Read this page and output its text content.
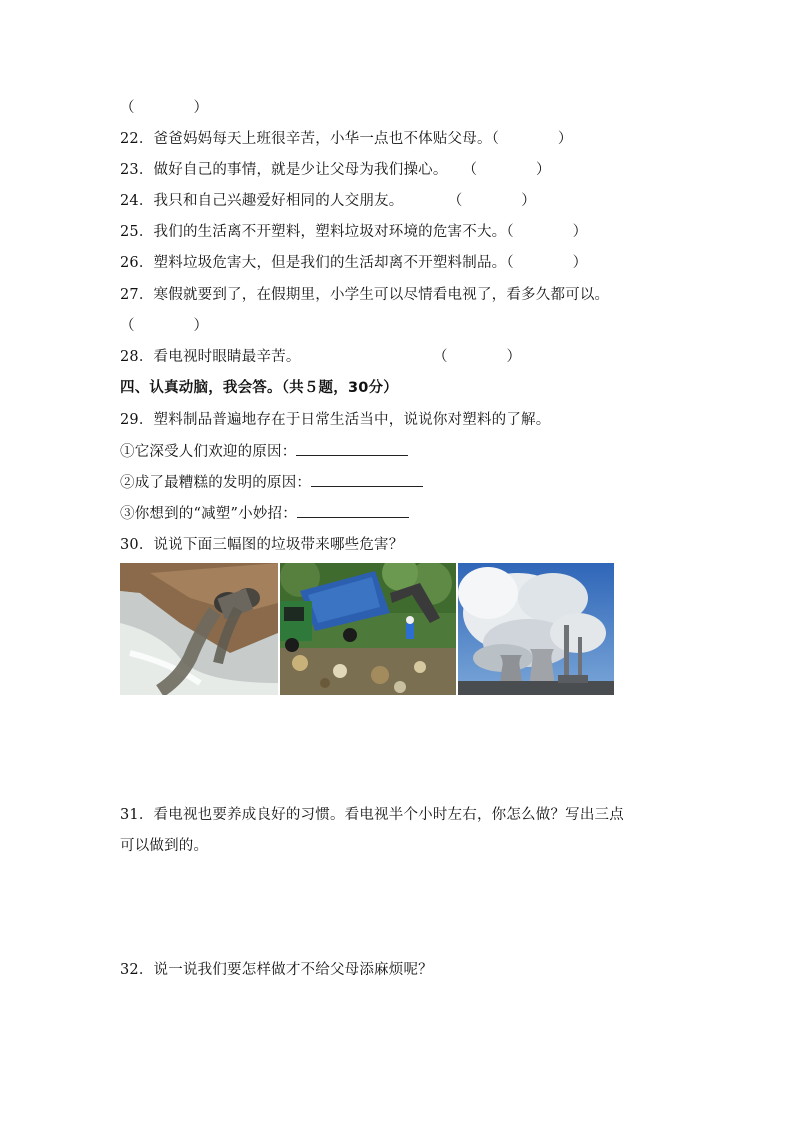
（　　　　）
22．爸爸妈妈每天上班很辛苦，小华一点也不体贴父母。（　　　　）
23．做好自己的事情，就是少让父母为我们操心。　　（　　　　）
24．我只和自己兴趣爱好相同的人交朋友。　　　　（　　　　）
25．我们的生活离不开塑料，塑料垃圾对环境的危害不大。（　　　　）
26．塑料垃圾危害大，但是我们的生活却离不开塑料制品。（　　　　）
27．寒假就要到了，在假期里，小学生可以尽情看电视了，看多久都可以。
（　　　　）
28．看电视时眼睛最辛苦。　　　　　　　　　　（　　　　）
四、认真动脑，我会答。（共５题，30分）
29．塑料制品普遍地存在于日常生活当中，说说你对塑料的了解。
①它深受人们欢迎的原因：
②成了最糟糕的发明的原因：
③你想到的“减塑”小妙招：
30．说说下面三幅图的垃圾带来哪些危害？
31．看电视也要养成良好的习惯。看电视半个小时左右，你怎么做？写出三点
可以做到的。
32．说一说我们要怎样做才不给父母添麻烦呢？
